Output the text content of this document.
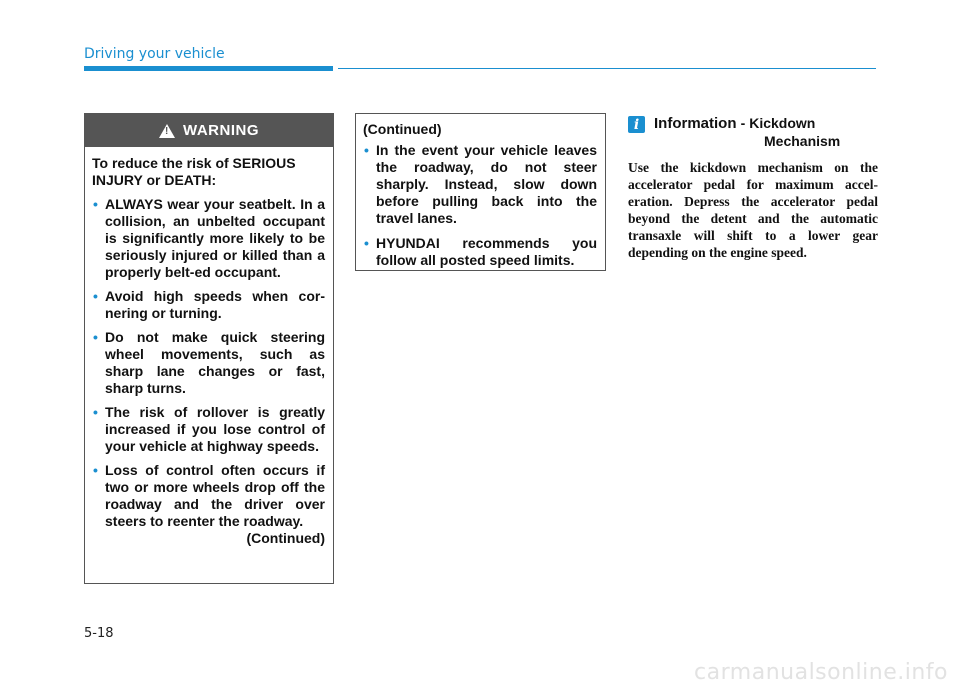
Driving your vehicle
! WARNING

To reduce the risk of SERIOUS INJURY or DEATH:

• ALWAYS wear your seatbelt. In a collision, an unbelted occupant is significantly more likely to be seriously injured or killed than a properly belt-ed occupant.
• Avoid high speeds when cor-nering or turning.
• Do not make quick steering wheel movements, such as sharp lane changes or fast, sharp turns.
• The risk of rollover is greatly increased if you lose control of your vehicle at highway speeds.
• Loss of control often occurs if two or more wheels drop off the roadway and the driver over steers to reenter the roadway.

(Continued)

(Continued)

• In the event your vehicle leaves the roadway, do not steer sharply. Instead, slow down before pulling back into the travel lanes.
• HYUNDAI recommends you follow all posted speed limits.
i Information - Kickdown
Mechanism
Use the kickdown mechanism on the accelerator pedal for maximum accel-eration. Depress the accelerator pedal beyond the detent and the automatic transaxle will shift to a lower gear depending on the engine speed.
5-18
carmanualsonline.info
